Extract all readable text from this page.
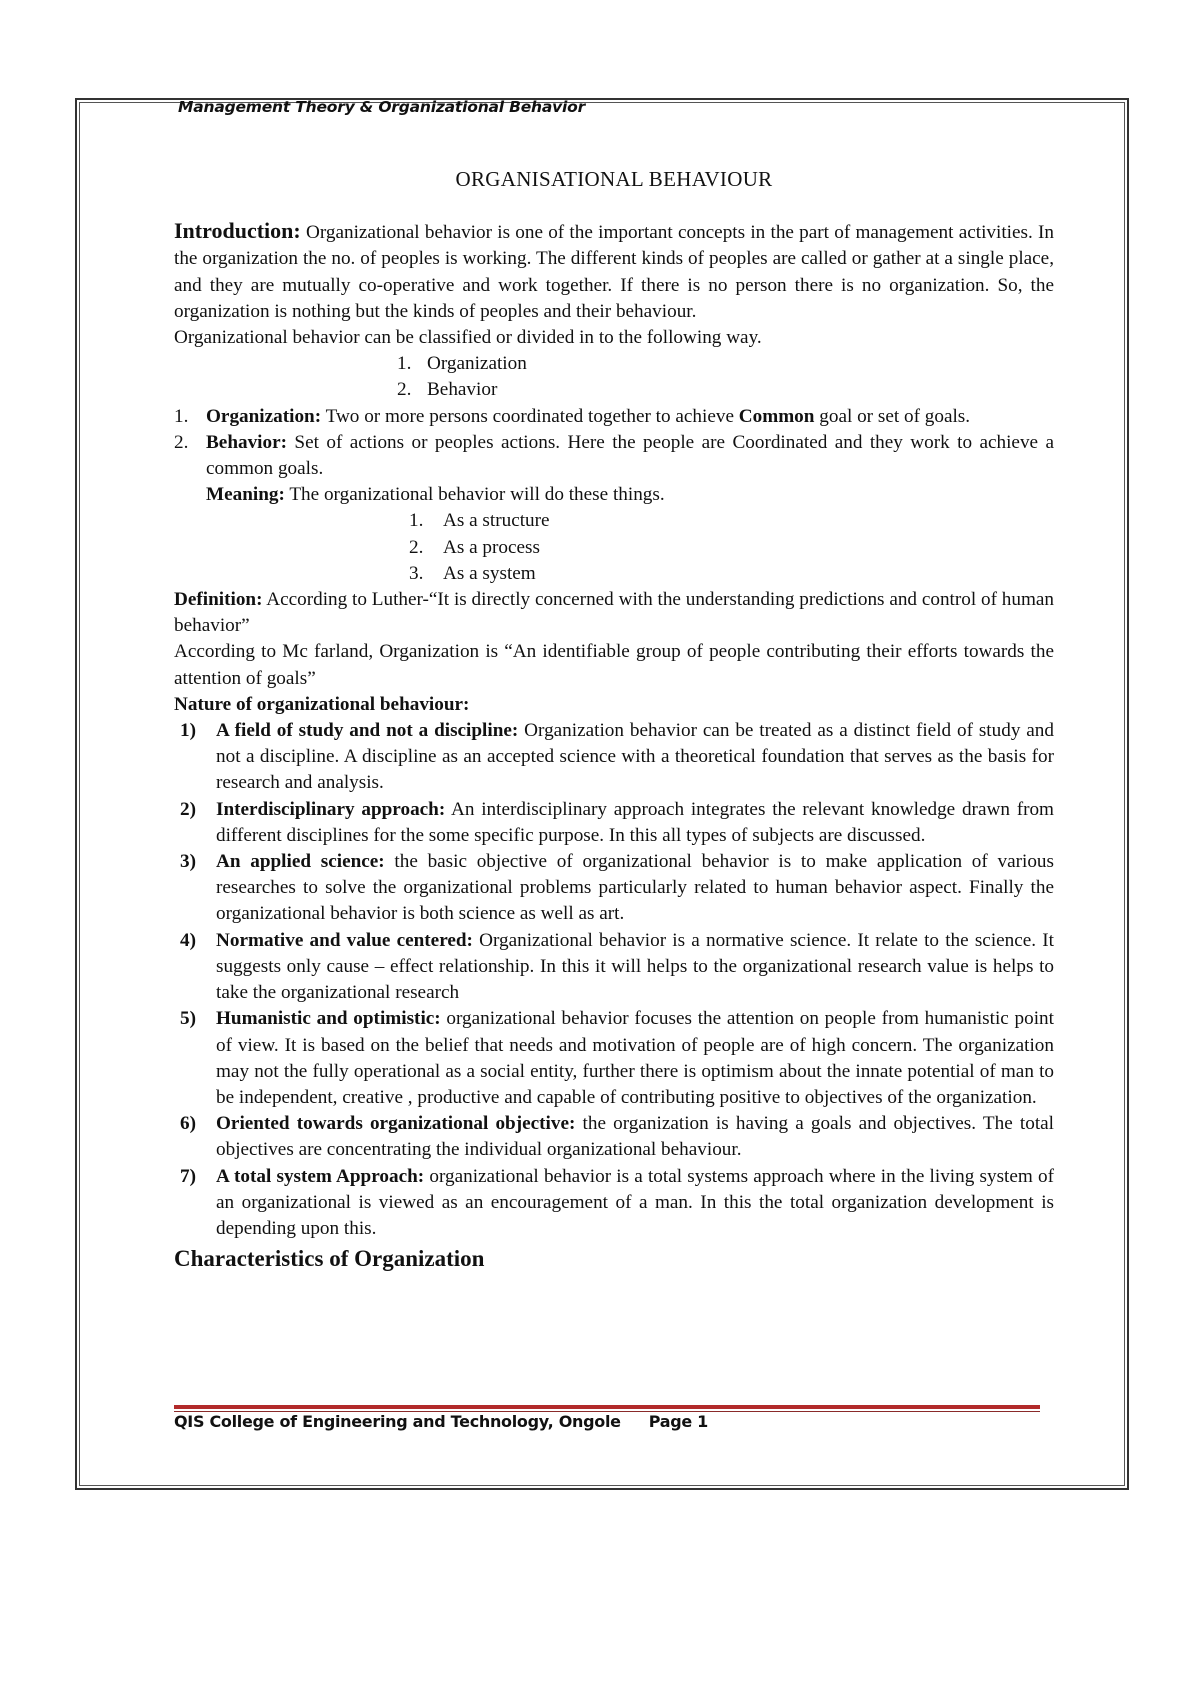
Management Theory & Organizational Behavior
ORGANISATIONAL BEHAVIOUR

Introduction: Organizational behavior is one of the important concepts in the part of management activities. In the organization the no. of peoples is working. The different kinds of peoples are called or gather at a single place, and they are mutually co-operative and work together. If there is no person there is no organization. So, the organization is nothing but the kinds of peoples and their behaviour.

Organizational behavior can be classified or divided in to the following way.

1. Organization
2. Behavior
1. Organization: Two or more persons coordinated together to achieve Common goal or set of goals.
2. Behavior: Set of actions or peoples actions. Here the people are Coordinated and they work to achieve a common goals.

Meaning: The organizational behavior will do these things.

1.	As a structure
2.	As a process
3.	As a system

Definition: According to Luther-“It is directly concerned with the understanding predictions and control of human behavior”

According to Mc farland, Organization is “An identifiable group of people contributing their efforts towards the attention of goals”

Nature of organizational behaviour:

1)	A field of study and not a discipline: Organization behavior can be treated as a distinct field of study and not a discipline. A discipline as an accepted science with a theoretical foundation that serves as the basis for research and analysis.
2)	Interdisciplinary approach: An interdisciplinary approach integrates the relevant knowledge drawn from different disciplines for the some specific purpose. In this all types of subjects are discussed.
3)	An applied science: the basic objective of organizational behavior is to make application of various researches to solve the organizational problems particularly related to human behavior aspect. Finally the organizational behavior is both science as well as art.
4)	Normative and value centered: Organizational behavior is a normative science. It relate to the science. It suggests only cause – effect relationship. In this it will helps to the organizational research value is helps to take the organizational research
5)	Humanistic and optimistic: organizational behavior focuses the attention on people from humanistic point of view. It is based on the belief that needs and motivation of people are of high concern. The organization may not the fully operational as a social entity, further there is optimism about the innate potential of man to be independent, creative , productive and capable of contributing positive to objectives of the organization.
6)	Oriented towards organizational objective: the organization is having a goals and objectives. The total objectives are concentrating the individual organizational behaviour.
7)	A total system Approach: organizational behavior is a total systems approach where in the living system of an organizational is viewed as an encouragement of a man. In this the total organization development is depending upon this.
Characteristics of Organization
QIS College of Engineering and Technology, Ongole Page 1
